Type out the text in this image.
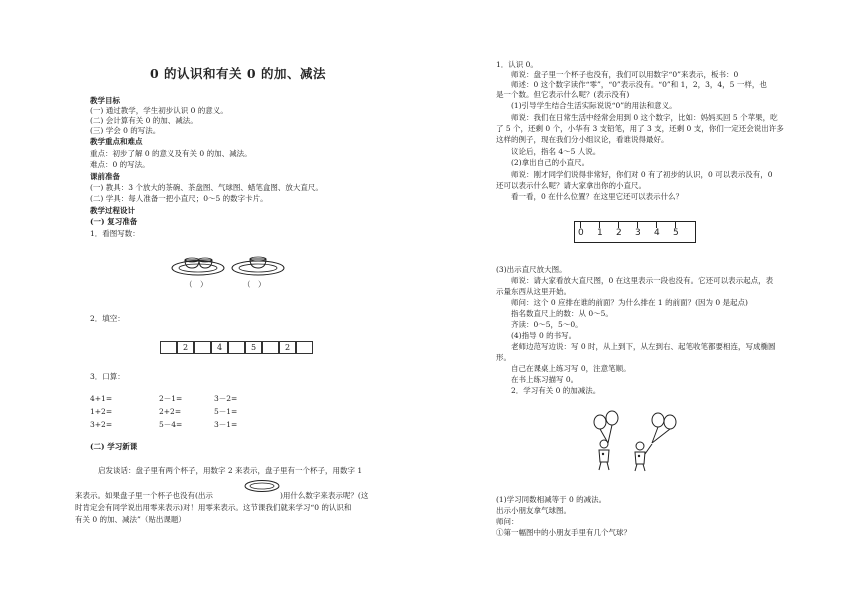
0 的认识和有关 0 的加、减法
教学目标
(一) 通过教学，学生初步认识 0 的意义。
(二) 会计算有关 0 的加、减法。
(三) 学会 0 的写法。
教学重点和难点
重点：初步了解 0 的意义及有关 0 的加、减法。
难点：0 的写法。
课前准备
(一) 教具：3 个放大的茶碗、茶盘图、气球图、蜡笔盒图、放大直尺。
(二) 学具：每人准备一把小直尺；0～5 的数字卡片。
教学过程设计
(一) 复习准备
1．看图写数：
（　）	（　）
2．填空：
2	4	5	2
3．口算：
4+1=	2－1=	3－2=
1+2=	2+2=	5－1=
3+2=	5－4=	3－1=
(二) 学习新课
启发谈话：盘子里有两个杯子，用数字 2 来表示，盘子里有一个杯子，用数字 1
来表示。如果盘子里一个杯子也没有(出示	)用什么数字来表示呢？(这
时肯定会有同学说出用零来表示)对！用零来表示。这节课我们就来学习“0 的认识和
有关 0 的加、减法”（贴出课题）
1．认识 0。
　　师说：盘子里一个杯子也没有，我们可以用数字“0”来表示，板书：0
　　师述：0 这个数字读作“零”，“0”表示没有。“0”和 1，2，3，4，5 一样，也
是一个数。但它表示什么呢？(表示没有)
　　(1)引导学生结合生活实际说说“0”的用法和意义。
　　师说：我们在日常生活中经常会用到 0 这个数字，比如：妈妈买回 5 个苹果，吃
了 5 个，还剩 0 个，小华有 3 支铅笔，用了 3 支，还剩 0 支，你们一定还会说出许多
这样的例子，现在我们分小组议论，看谁说得最好。
　　议论后，指名 4～5 人说。
　　(2)拿出自己的小直尺。
　　师说：刚才同学们说得非常好，你们对 0 有了初步的认识，0 可以表示没有，0
还可以表示什么呢？请大家拿出你的小直尺。
　　看一看，0 在什么位置？在这里它还可以表示什么？
0 1 2 3 4 5
(3)出示直尺放大图。
　　师说：请大家看放大直尺图，0 在这里表示一段也没有。它还可以表示起点，表
示量东西从这里开始。
　　师问：这个 0 应排在谁的前面？为什么排在 1 的前面？(因为 0 是起点)
　　指名数直尺上的数：从 0～5。
　　齐读：0～5，5～0。
　　(4)指导 0 的书写。
　　老师边范写边说：写 0 时，从上到下，从左到右、起笔收笔都要相连，写成椭圆
形。
　　自己在课桌上练习写 0，注意笔顺。
　　在书上练习描写 0。
　　2．学习有关 0 的加减法。
(1)学习同数相减等于 0 的减法。
出示小朋友拿气球图。
师问：
①第一幅图中的小朋友手里有几个气球？
